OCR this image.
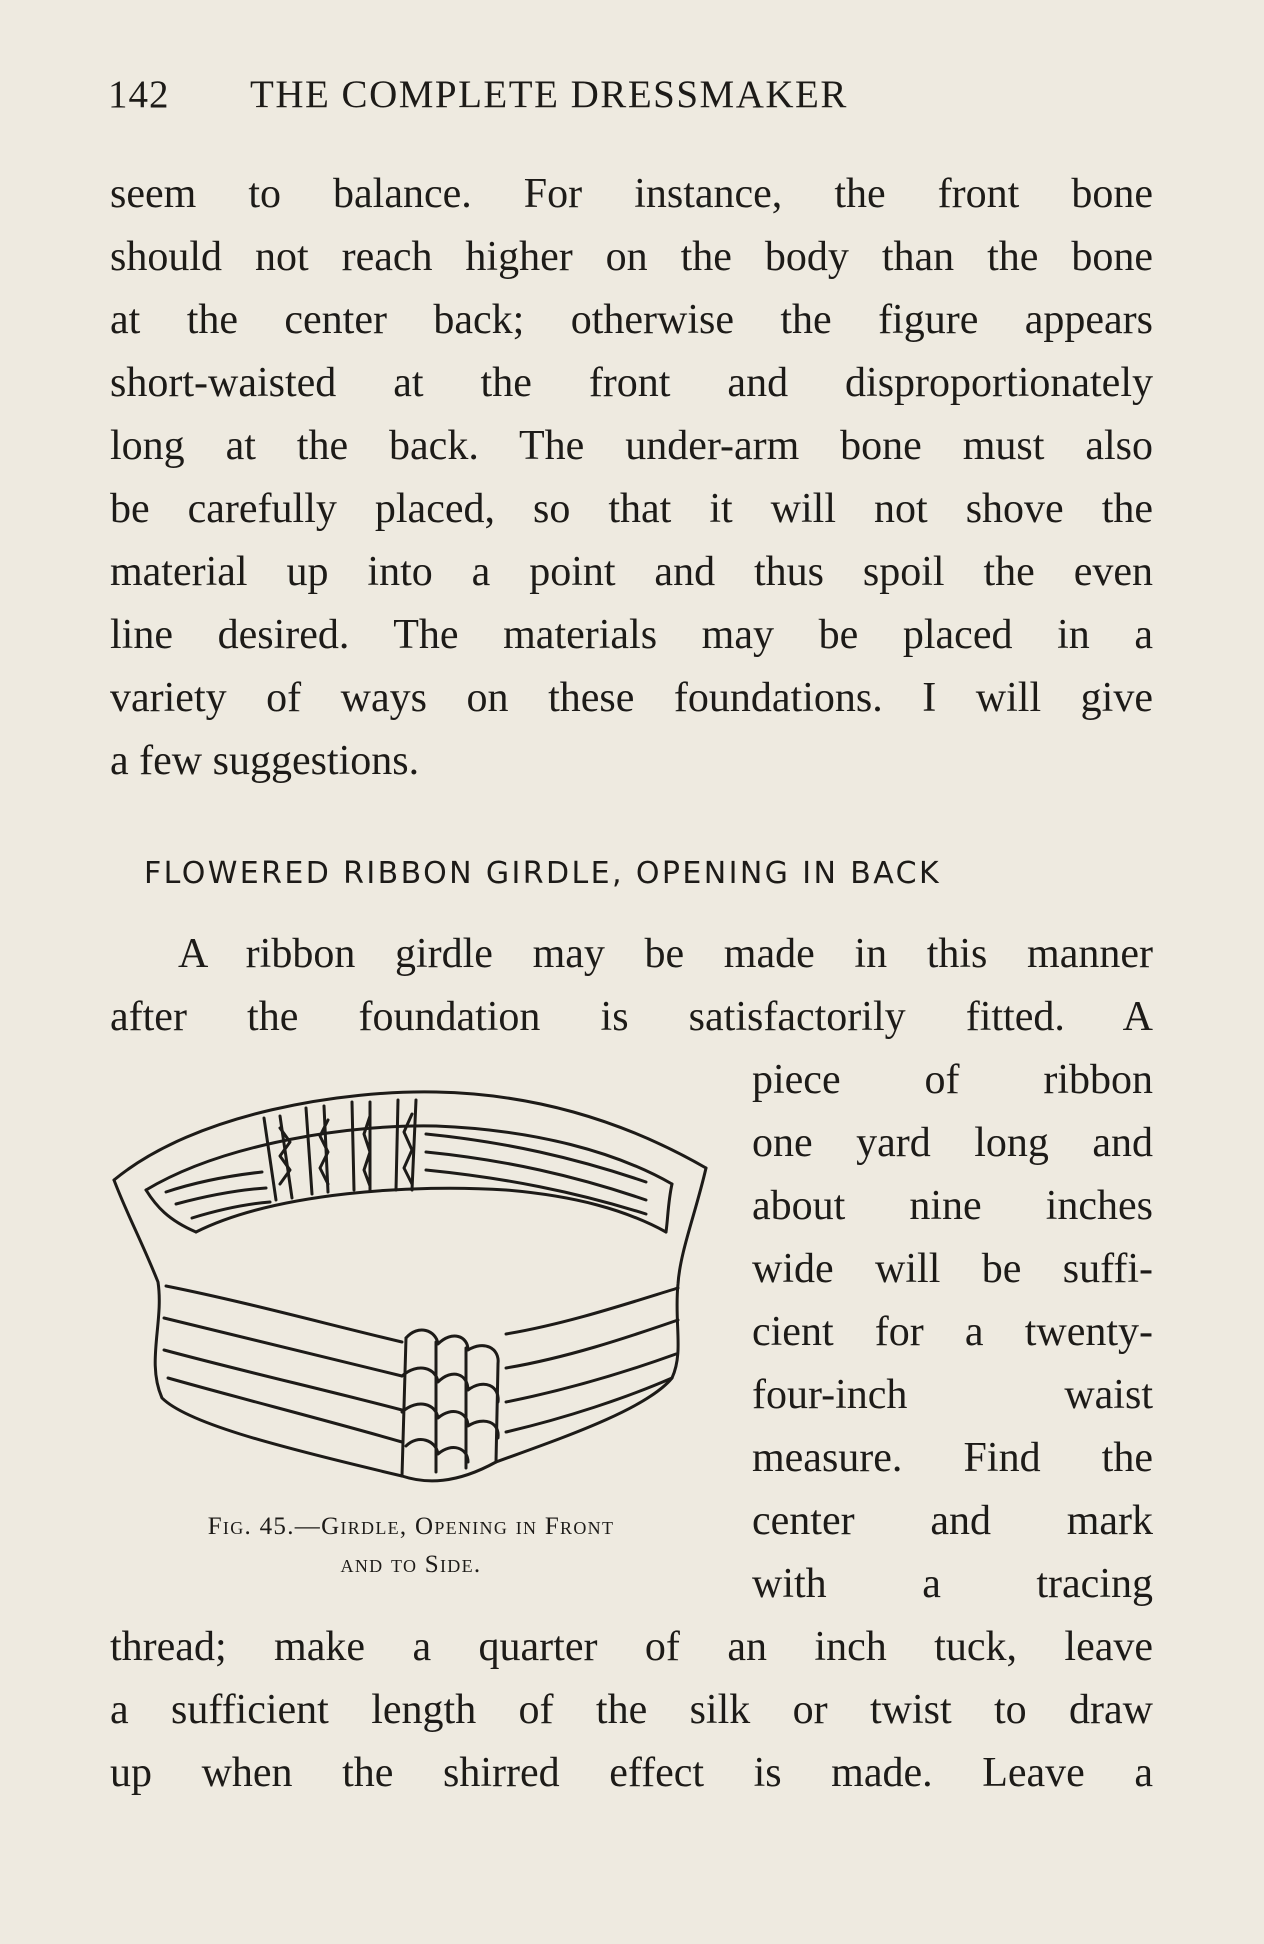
142 THE COMPLETE DRESSMAKER
seem to balance. For instance, the front bone
should not reach higher on the body than the bone
at the center back; otherwise the figure appears
short-waisted at the front and disproportionately
long at the back. The under-arm bone must also
be carefully placed, so that it will not shove the
material up into a point and thus spoil the even
line desired. The materials may be placed in a
variety of ways on these foundations. I will give
a few suggestions.
FLOWERED RIBBON GIRDLE, OPENING IN BACK
A ribbon girdle may be made in this manner
after the foundation is satisfactorily fitted. A
piece of ribbon
one yard long and
about nine inches
wide will be suffi-
cient for a twenty-
four-inch waist
measure. Find the
center and mark
with a tracing
thread; make a quarter of an inch tuck, leave
a sufficient length of the silk or twist to draw
up when the shirred effect is made. Leave a
Fig. 45.—Girdle, Opening in Front
and to Side.
